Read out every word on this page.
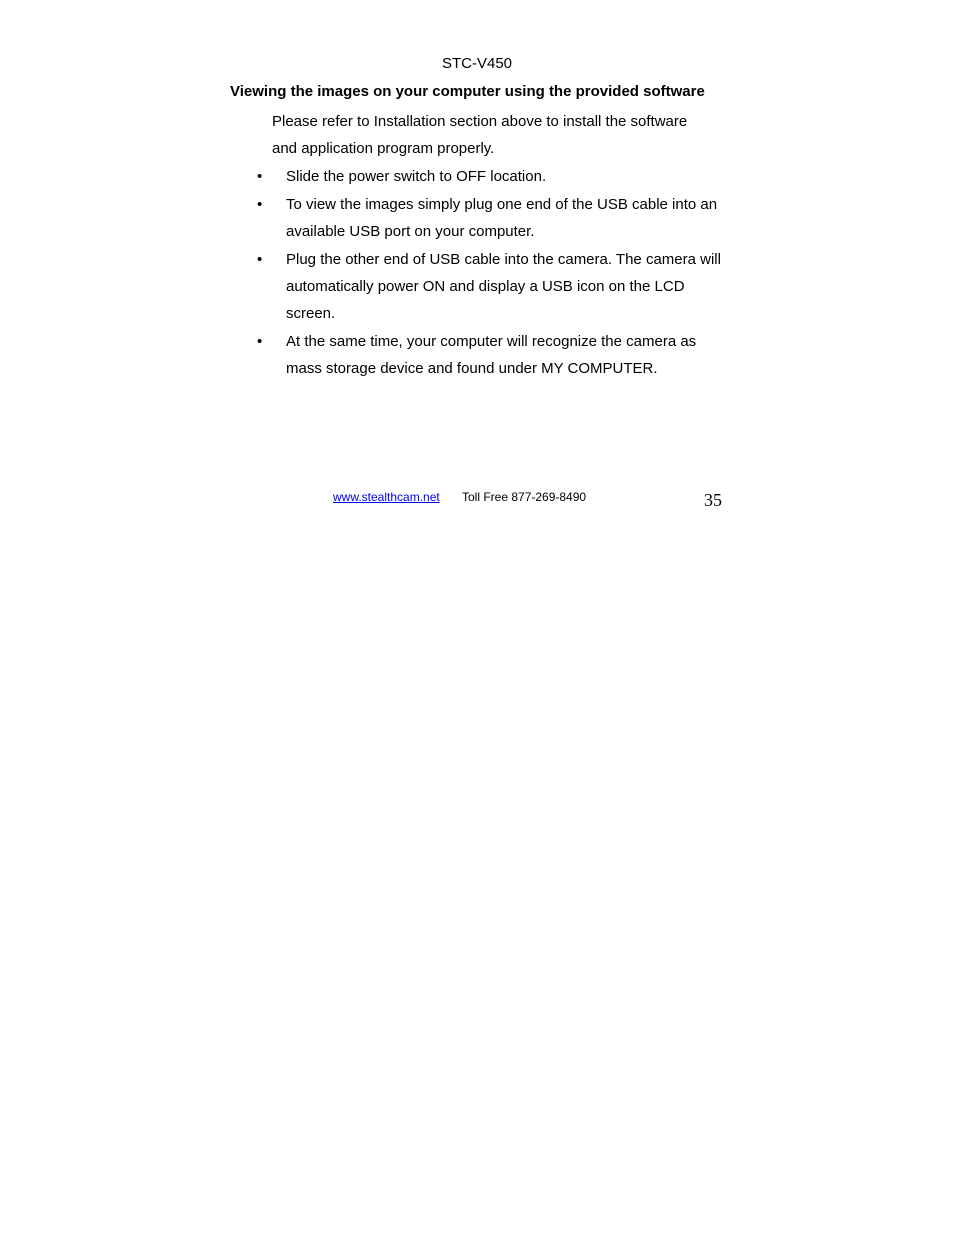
STC-V450
Viewing the images on your computer using the provided software
Please refer to Installation section above to install the software and application program properly.
•	Slide the power switch to OFF location.
•	To view the images simply plug one end of the USB cable into an available USB port on your computer.
•	Plug the other end of USB cable into the camera. The camera will automatically power ON and display a USB icon on the LCD screen.
•	At the same time, your computer will recognize the camera as mass storage device and found under MY COMPUTER.
www.stealthcam.net Toll Free 877-269-8490	35
